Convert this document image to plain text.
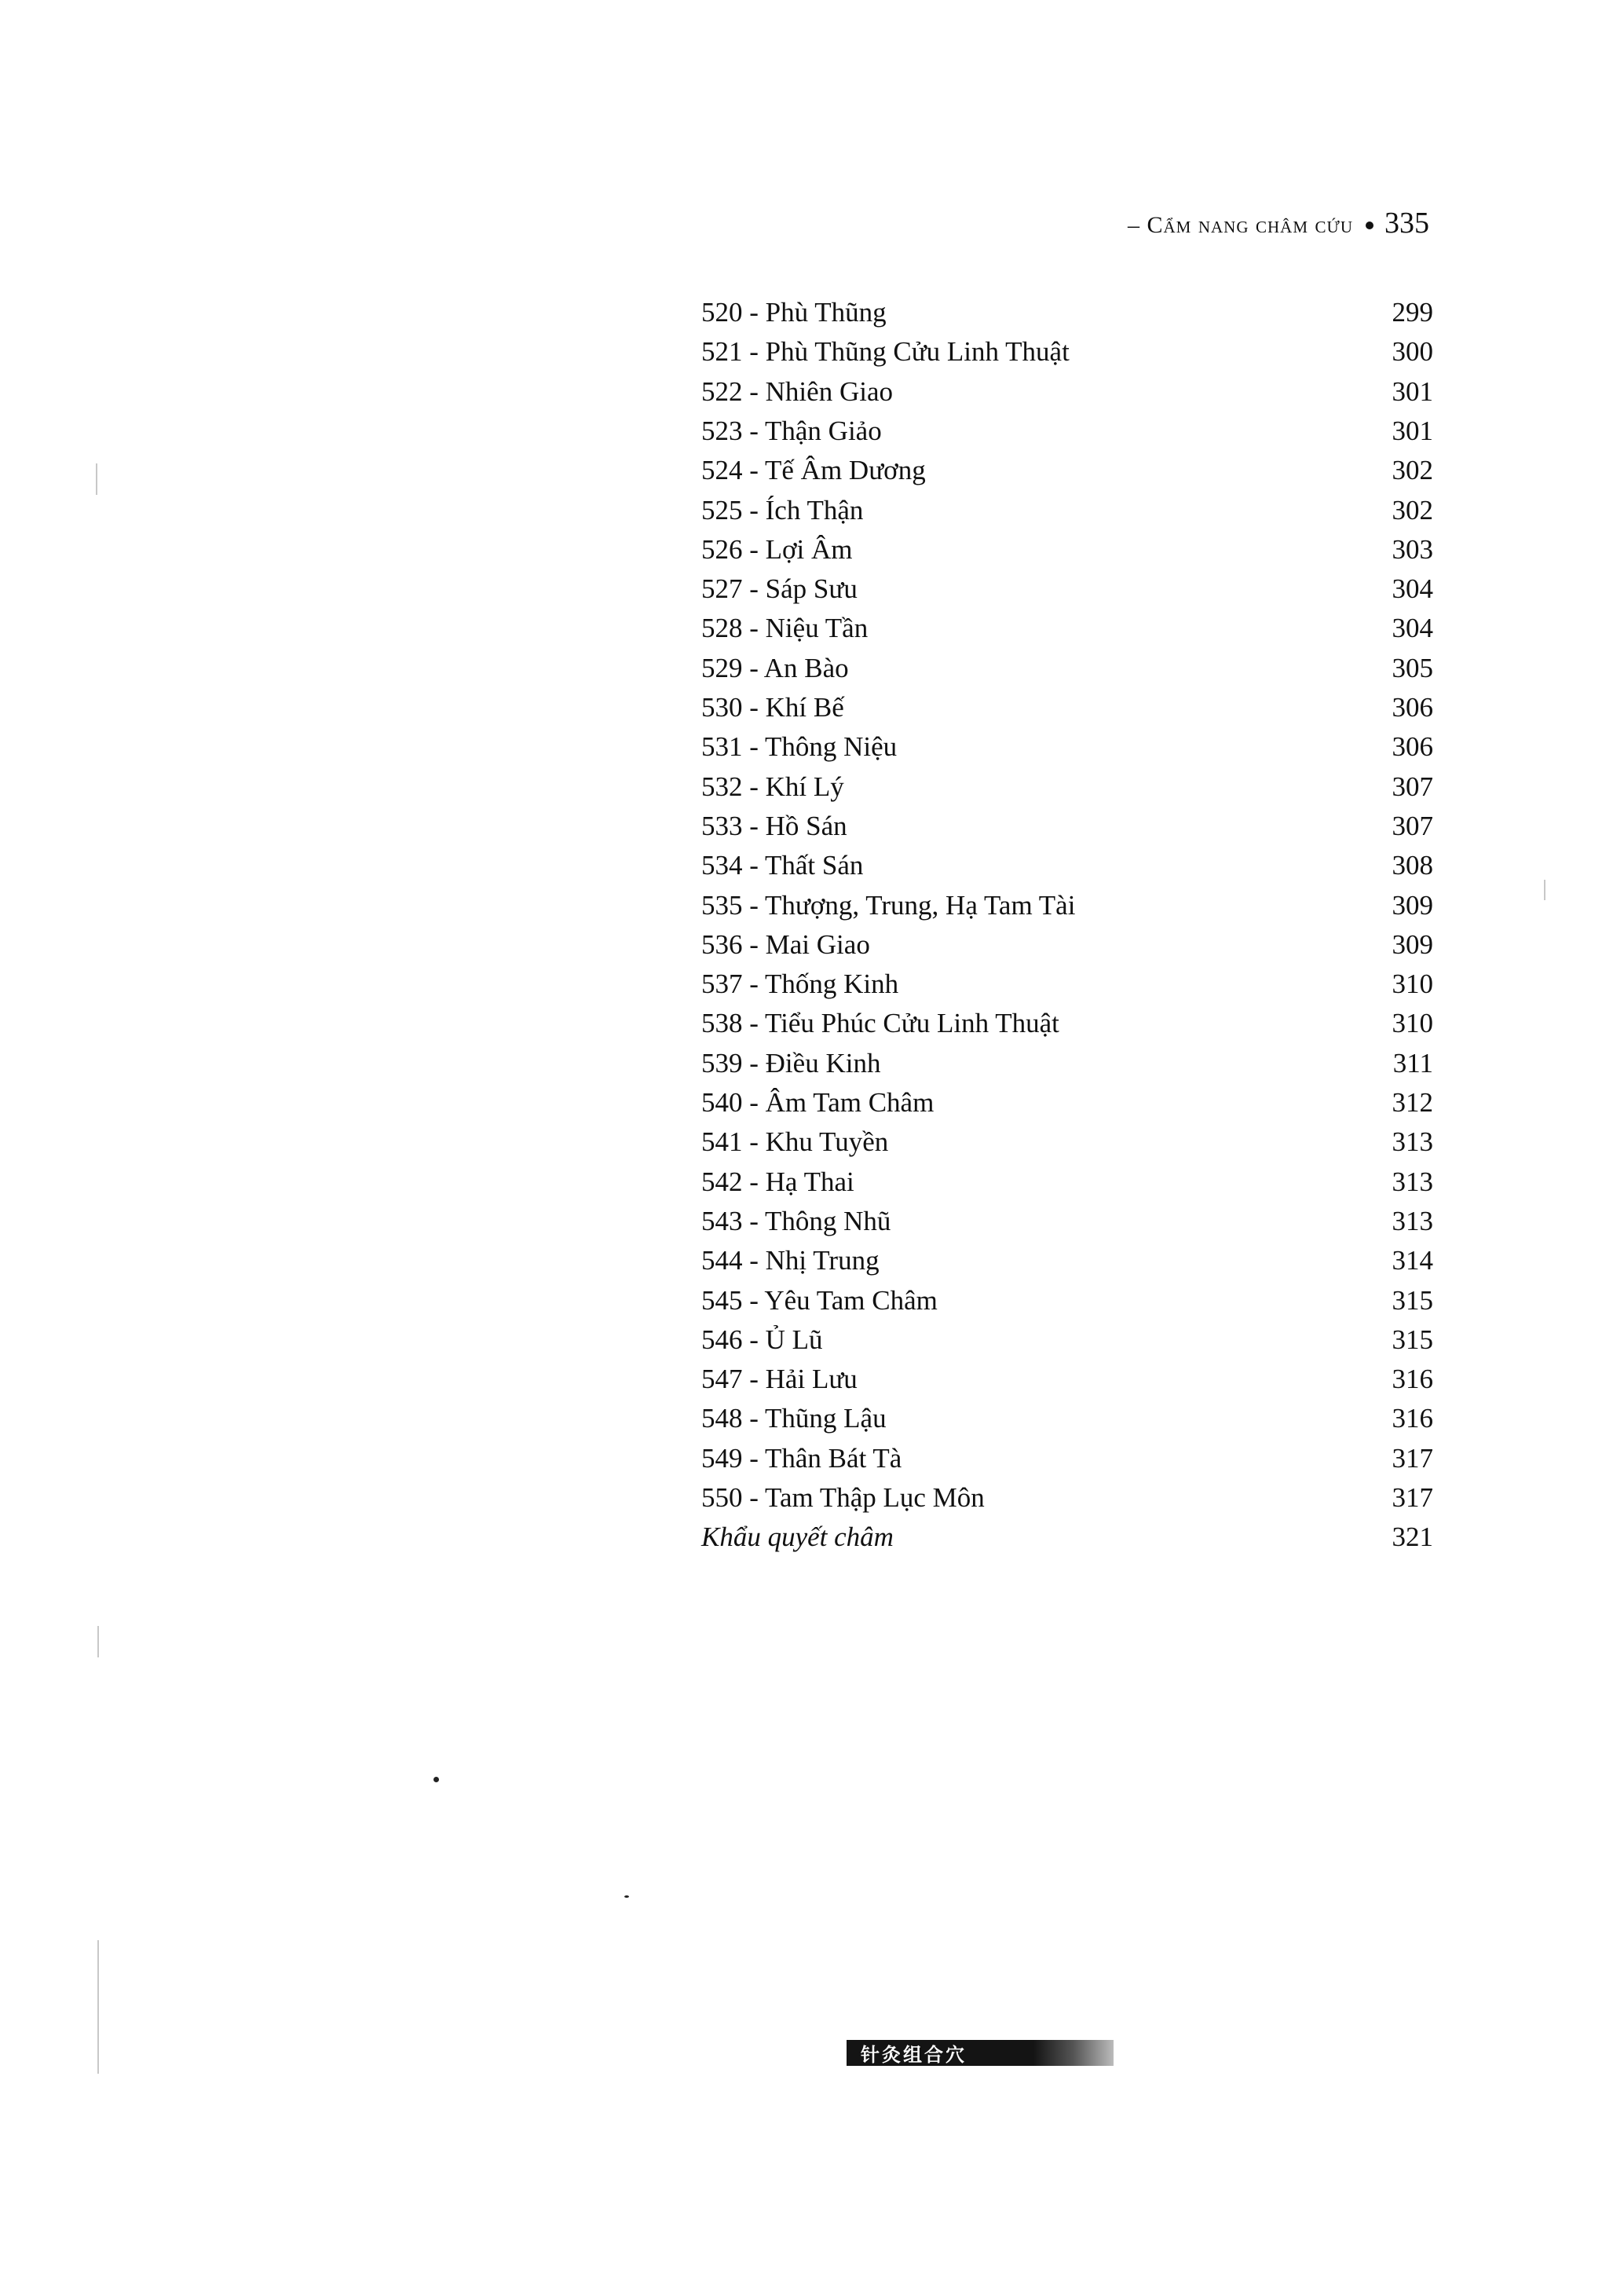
– Cẩm nang châm cứu 335
520 - Phù Thũng	299
521 - Phù Thũng Cửu Linh Thuật	300
522 - Nhiên Giao	301
523 - Thận Giảo	301
524 - Tế Âm Dương	302
525 - Ích Thận	302
526 - Lợi Âm	303
527 - Sáp Sưu	304
528 - Niệu Tần	304
529 - An Bào	305
530 - Khí Bế	306
531 - Thông Niệu	306
532 - Khí Lý	307
533 - Hồ Sán	307
534 - Thất Sán	308
535 - Thượng, Trung, Hạ Tam Tài	309
536 - Mai Giao	309
537 - Thống Kinh	310
538 - Tiểu Phúc Cửu Linh Thuật	310
539 - Điều Kinh	311
540 - Âm Tam Châm	312
541 - Khu Tuyền	313
542 - Hạ Thai	313
543 - Thông Nhũ	313
544 - Nhị Trung	314
545 - Yêu Tam Châm	315
546 - Ủ Lũ	315
547 - Hải Lưu	316
548 - Thũng Lậu	316
549 - Thân Bát Tà	317
550 - Tam Thập Lục Môn	317
Khẩu quyết châm	321
针灸组合穴
